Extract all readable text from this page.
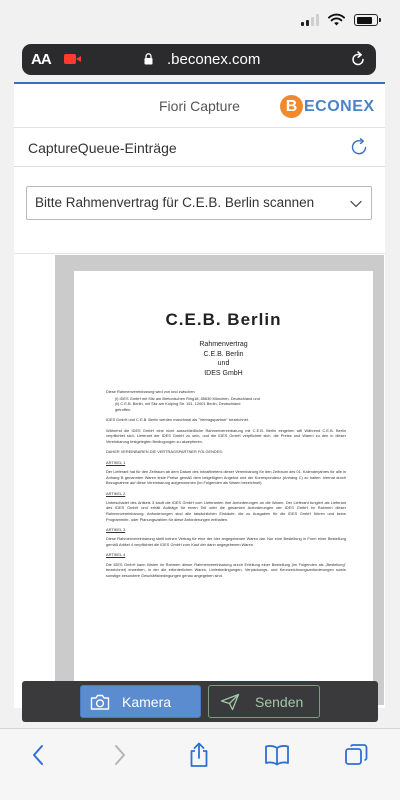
AA	.beconex.com
Fiori Capture	B ECONEX
CaptureQueue-Einträge
Bitte Rahmenvertrag für C.E.B. Berlin scannen
C.E.B. Berlin
Rahmenvertrag
C.E.B. Berlin
und
IDES GmbH

Diese Rahmenvereinbarung wird von und zwischen

(i) IDES GmbH mit Sitz am Bretonischen Ring18, 85630 München, Deutschland und

(ii) C.E.B. Berlin, mit Sitz am Kolping Str. 151, 12001 Berlin, Deutschland

getroffen.

IDES GmbH und C.E.B. Berlin werden manchmal als "Vertragspartner" bezeichnet.

Während die IDES GmbH eine nicht ausschließliche Rahmenvereinbarung mit C.E.B. Berlin eingehen will Während C.E.B. Berlin verpflichtet sich, Lieferant der IDES GmbH zu sein, und die IDES GmbH verpflichtet sich, die Preise und Waren zu den in dieser Vereinbarung festgelegten Bedingungen zu akzeptieren.

DAHER VEREINBAREN DIE VERTRAGSPARTNER FOLGENDES:

ARTIKEL 1

Der Lieferant hat für den Zeitraum ab dem Datum des Inkrafttretens dieser Vereinbarung für den Zeitraum des 01. Kalenderjahres für alle in Anhang B genannten Waren feste Preise gemäß dem beigefügten Angebot und der Korrespondenz (Anhang C) zu halten. hiernat durch Bezugnahme auf diese Vereinbarung aufgenommen (im Folgenden als Waren bezeichnet)

ARTIKEL 2

Unbeschadet des Artikels 3 kauft die IDES GmbH vom Lieferanten ihre Anforderungen an die Waren. Der Lieferant fungiert als Lieferant des IDES GmbH und erhält Aufträge für einen Teil oder die gesamten Anforderungen der IDES GmbH im Rahmen dieser Rahmenvereinbarung. Anforderungen sind alle tatsächlichen Einkäufe, die zu Ausgaben für die IDES GmbH führen und keine Programmier- oder Planungszahlen für diese Anforderungen enthalten.

ARTIKEL 3

Diese Rahmenvereinbarung stellt keinen Vertrag für eine der hier angegebenen Waren dar. Nur eine Bestellung in Form einer Bestellung gemäß Artikel 4 verpflichtet die IDES GmbH zum Kauf der darin angegebenen Waren.

ARTIKEL 4

Die IDES GmbH kann Waren im Rahmen dieser Rahmenvereinbarung durch Erteilung einer Bestellung (im Folgenden als „Bestellung" bezeichnet) erwerben, in der die erforderlichen Waren, Lieferbedingungen, Verpackungs- und Kennzeichnungsanforderungen sowie sonstige besondere Geschäftsbedingungen genau angegeben sind.

Kamera	Senden
